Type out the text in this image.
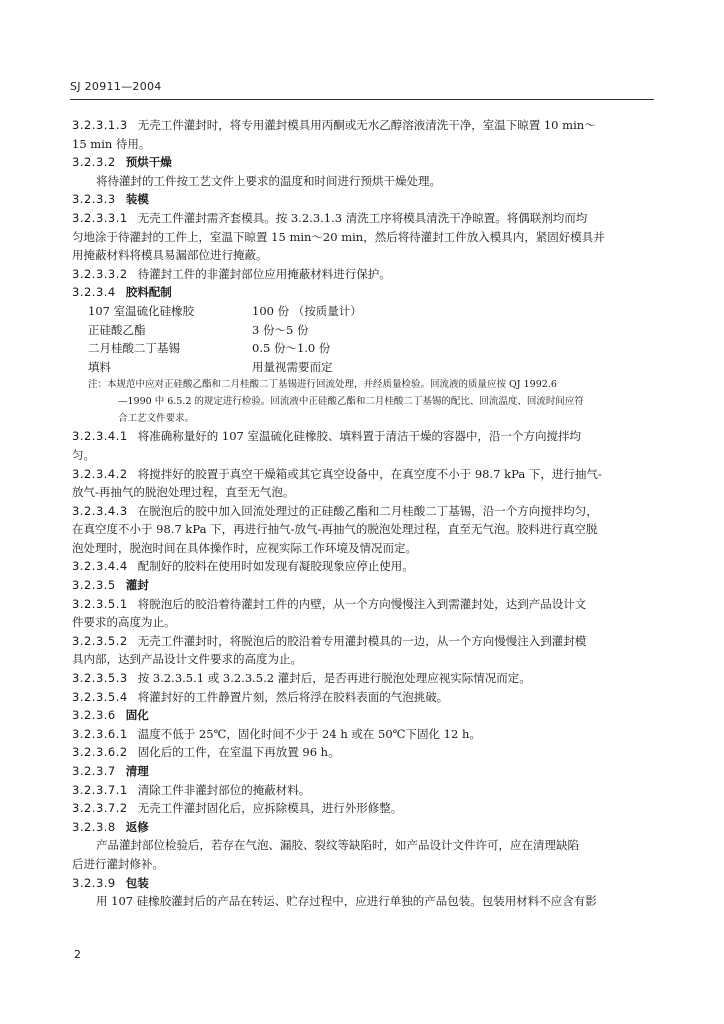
SJ 20911—2004
3.2.3.1.3 无壳工件灌封时，将专用灌封模具用丙酮或无水乙醇溶液清洗干净，室温下晾置 10 min～
15 min 待用。
3.2.3.2 预烘干燥
将待灌封的工件按工艺文件上要求的温度和时间进行预烘干燥处理。
3.2.3.3 装模
3.2.3.3.1 无壳工件灌封需齐套模具。按 3.2.3.1.3 清洗工序将模具清洗干净晾置。将偶联剂均而均
匀地涂于待灌封的工件上，室温下晾置 15 min～20 min，然后将待灌封工件放入模具内，紧固好模具并
用掩蔽材料将模具易漏部位进行掩蔽。
3.2.3.3.2 待灌封工件的非灌封部位应用掩蔽材料进行保护。
3.2.3.4 胶料配制
107 室温硫化硅橡胶	100 份 （按质量计）
正硅酸乙酯	3 份～5 份
二月桂酸二丁基锡	0.5 份～1.0 份
填料	用量视需要而定
注：本规范中应对正硅酸乙酯和二月桂酸二丁基锡进行回流处理，并经质量检验。回流液的质量应按 QJ 1992.6
—1990 中 6.5.2 的规定进行检验。回流液中正硅酸乙酯和二月桂酸二丁基锡的配比、回流温度、回流时间应符
合工艺文件要求。
3.2.3.4.1 将准确称量好的 107 室温硫化硅橡胶、填料置于清洁干燥的容器中，沿一个方向搅拌均
匀。
3.2.3.4.2 将搅拌好的胶置于真空干燥箱或其它真空设备中，在真空度不小于 98.7 kPa 下，进行抽气-
放气-再抽气的脱泡处理过程，直至无气泡。
3.2.3.4.3 在脱泡后的胶中加入回流处理过的正硅酸乙酯和二月桂酸二丁基锡，沿一个方向搅拌均匀，
在真空度不小于 98.7 kPa 下，再进行抽气-放气-再抽气的脱泡处理过程，直至无气泡。胶料进行真空脱
泡处理时，脱泡时间在具体操作时，应视实际工作环境及情况而定。
3.2.3.4.4 配制好的胶料在使用时如发现有凝胶现象应停止使用。
3.2.3.5 灌封
3.2.3.5.1 将脱泡后的胶沿着待灌封工件的内壁，从一个方向慢慢注入到需灌封处，达到产品设计文
件要求的高度为止。
3.2.3.5.2 无壳工件灌封时，将脱泡后的胶沿着专用灌封模具的一边，从一个方向慢慢注入到灌封模
具内部，达到产品设计文件要求的高度为止。
3.2.3.5.3 按 3.2.3.5.1 或 3.2.3.5.2 灌封后，是否再进行脱泡处理应视实际情况而定。
3.2.3.5.4 将灌封好的工件静置片刻，然后将浮在胶料表面的气泡挑破。
3.2.3.6 固化
3.2.3.6.1 温度不低于 25℃，固化时间不少于 24 h 或在 50℃下固化 12 h。
3.2.3.6.2 固化后的工件，在室温下再放置 96 h。
3.2.3.7 清理
3.2.3.7.1 清除工件非灌封部位的掩蔽材料。
3.2.3.7.2 无壳工件灌封固化后，应拆除模具，进行外形修整。
3.2.3.8 返修
产品灌封部位检验后，若存在气泡、漏胶、裂纹等缺陷时，如产品设计文件许可，应在清理缺陷
后进行灌封修补。
3.2.3.9 包装
用 107 硅橡胶灌封后的产品在转运、贮存过程中，应进行单独的产品包装。包装用材料不应含有影
2
